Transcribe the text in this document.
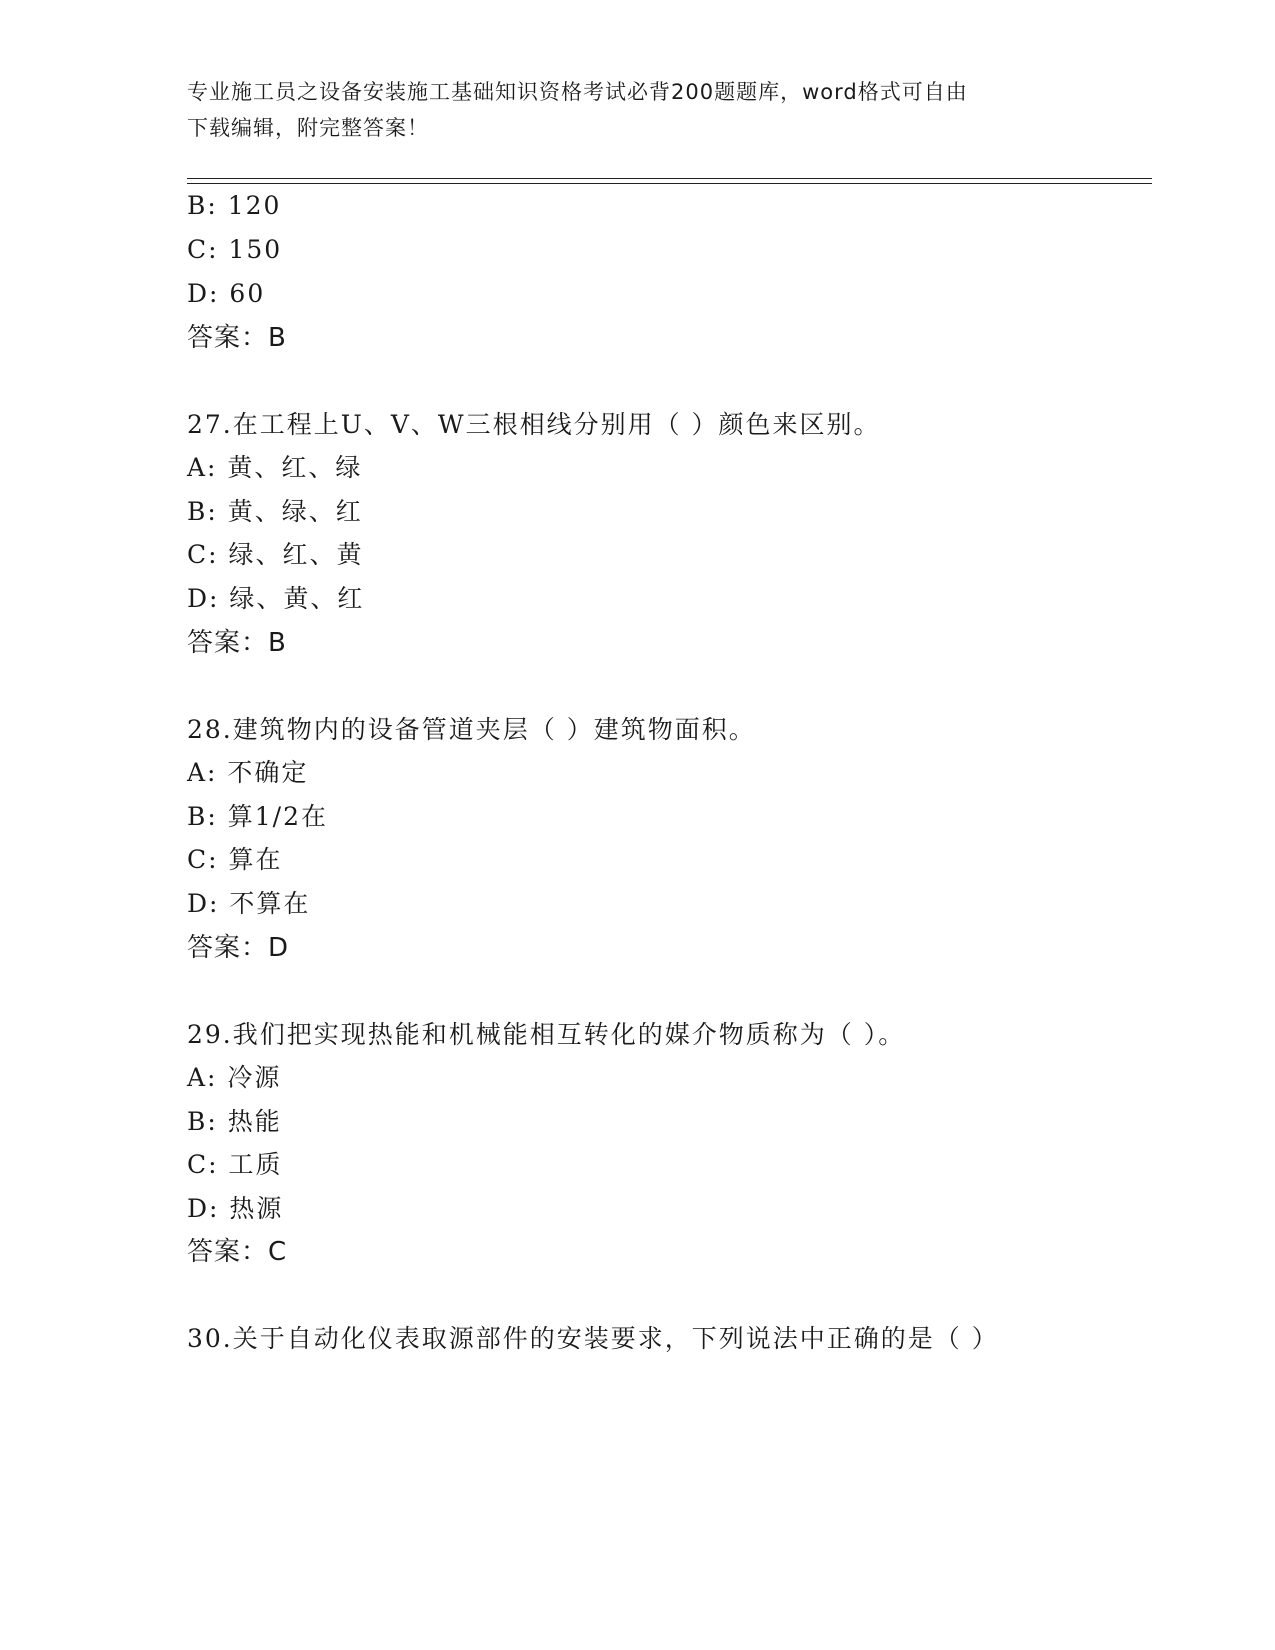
专业施工员之设备安装施工基础知识资格考试必背200题题库，word格式可自由
下载编辑，附完整答案！
B: 120
C: 150
D: 60
答案：B
27.在工程上U、V、W三根相线分别用（ ）颜色来区别。
A: 黄、红、绿
B: 黄、绿、红
C: 绿、红、黄
D: 绿、黄、红
答案：B
28.建筑物内的设备管道夹层（ ）建筑物面积。
A: 不确定
B: 算1/2在
C: 算在
D: 不算在
答案：D
29.我们把实现热能和机械能相互转化的媒介物质称为（ ）。
A: 冷源
B: 热能
C: 工质
D: 热源
答案：C
30.关于自动化仪表取源部件的安装要求，下列说法中正确的是（ ）
